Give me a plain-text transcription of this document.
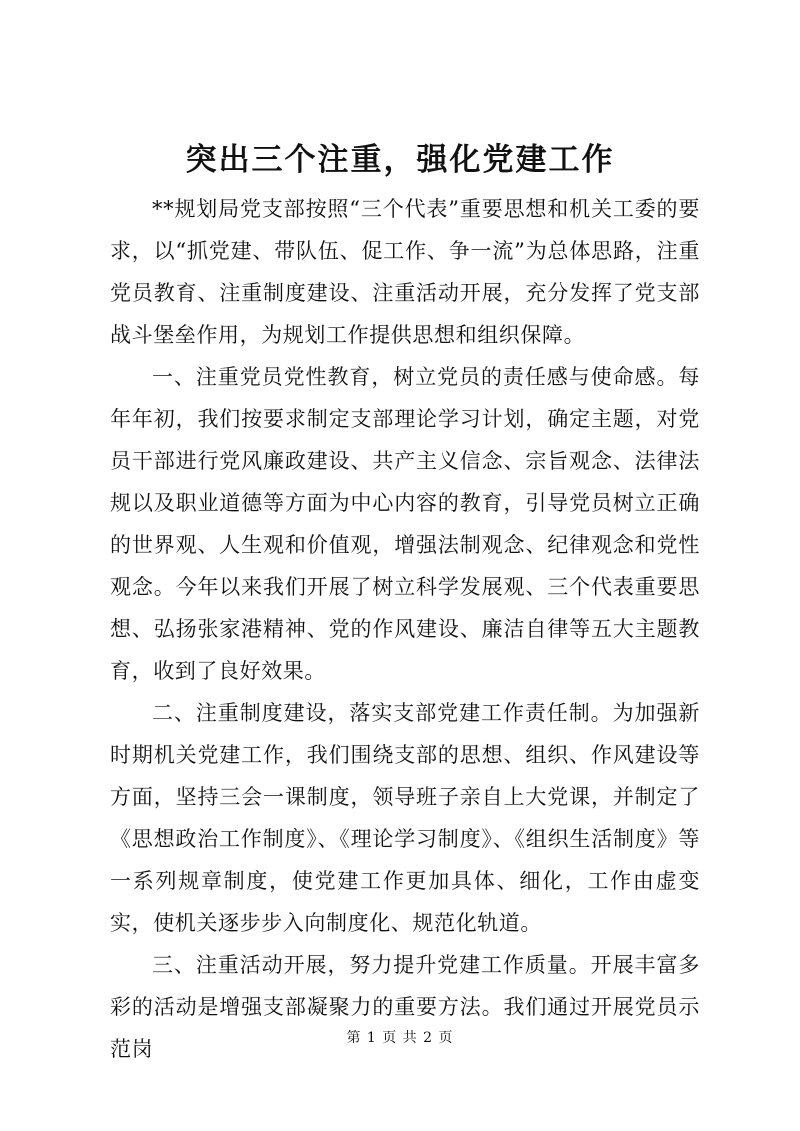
突出三个注重，强化党建工作

**规划局党支部按照“三个代表”重要思想和机关工委的要求，以“抓党建、带队伍、促工作、争一流”为总体思路，注重党员教育、注重制度建设、注重活动开展，充分发挥了党支部战斗堡垒作用，为规划工作提供思想和组织保障。

一、注重党员党性教育，树立党员的责任感与使命感。每年年初，我们按要求制定支部理论学习计划，确定主题，对党员干部进行党风廉政建设、共产主义信念、宗旨观念、法律法规以及职业道德等方面为中心内容的教育，引导党员树立正确的世界观、人生观和价值观，增强法制观念、纪律观念和党性观念。今年以来我们开展了树立科学发展观、三个代表重要思想、弘扬张家港精神、党的作风建设、廉洁自律等五大主题教育，收到了良好效果。

二、注重制度建设，落实支部党建工作责任制。为加强新时期机关党建工作，我们围绕支部的思想、组织、作风建设等方面，坚持三会一课制度，领导班子亲自上大党课，并制定了《思想政治工作制度》、《理论学习制度》、《组织生活制度》等一系列规章制度，使党建工作更加具体、细化，工作由虚变实，使机关逐步步入向制度化、规范化轨道。

三、注重活动开展，努力提升党建工作质量。开展丰富多彩的活动是增强支部凝聚力的重要方法。我们通过开展党员示范岗	第 1 页 共 2 页
